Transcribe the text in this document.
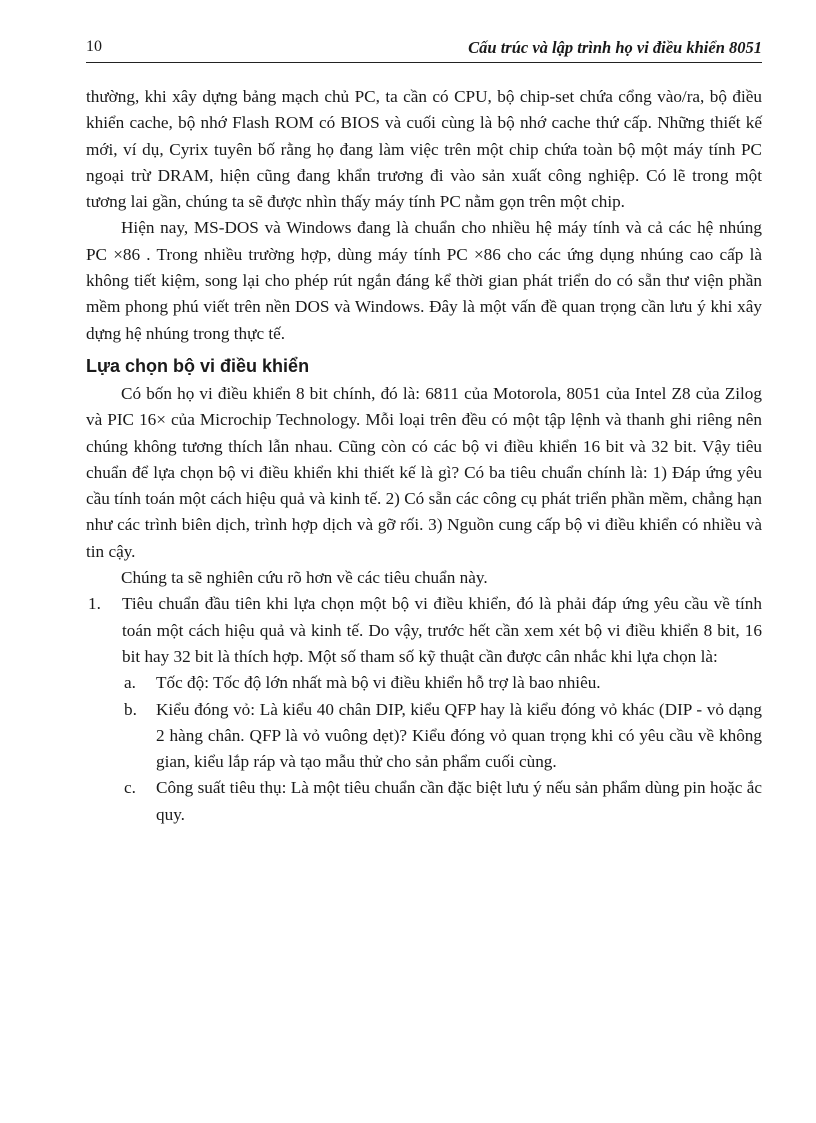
10	Cấu trúc và lập trình họ vi điều khiển 8051

thường, khi xây dựng bảng mạch chủ PC, ta cần có CPU, bộ chip-set chứa cổng vào/ra, bộ điều khiển cache, bộ nhớ Flash ROM có BIOS và cuối cùng là bộ nhớ cache thứ cấp. Những thiết kế mới, ví dụ, Cyrix tuyên bố rằng họ đang làm việc trên một chip chứa toàn bộ một máy tính PC ngoại trừ DRAM, hiện cũng đang khẩn trương đi vào sản xuất công nghiệp. Có lẽ trong một tương lai gần, chúng ta sẽ được nhìn thấy máy tính PC nằm gọn trên một chip.

Hiện nay, MS-DOS và Windows đang là chuẩn cho nhiều hệ máy tính và cả các hệ nhúng PC ×86 . Trong nhiều trường hợp, dùng máy tính PC ×86 cho các ứng dụng nhúng cao cấp là không tiết kiệm, song lại cho phép rút ngắn đáng kể thời gian phát triển do có sẵn thư viện phần mềm phong phú viết trên nền DOS và Windows. Đây là một vấn đề quan trọng cần lưu ý khi xây dựng hệ nhúng trong thực tế.

Lựa chọn bộ vi điều khiển

Có bốn họ vi điều khiển 8 bit chính, đó là: 6811 của Motorola, 8051 của Intel Z8 của Zilog và PIC 16× của Microchip Technology. Mỗi loại trên đều có một tập lệnh và thanh ghi riêng nên chúng không tương thích lẫn nhau. Cũng còn có các bộ vi điều khiển 16 bit và 32 bit. Vậy tiêu chuẩn để lựa chọn bộ vi điều khiển khi thiết kế là gì? Có ba tiêu chuẩn chính là: 1) Đáp ứng yêu cầu tính toán một cách hiệu quả và kinh tế. 2) Có sẵn các công cụ phát triển phần mềm, chẳng hạn như các trình biên dịch, trình hợp dịch và gỡ rối. 3) Nguồn cung cấp bộ vi điều khiển có nhiều và tin cậy.

Chúng ta sẽ nghiên cứu rõ hơn về các tiêu chuẩn này.

1. Tiêu chuẩn đầu tiên khi lựa chọn một bộ vi điều khiển, đó là phải đáp ứng yêu cầu về tính toán một cách hiệu quả và kinh tế. Do vậy, trước hết cần xem xét bộ vi điều khiển 8 bit, 16 bit hay 32 bit là thích hợp. Một số tham số kỹ thuật cần được cân nhắc khi lựa chọn là:

a. Tốc độ: Tốc độ lớn nhất mà bộ vi điều khiển hỗ trợ là bao nhiêu.

b. Kiểu đóng vỏ: Là kiểu 40 chân DIP, kiểu QFP hay là kiểu đóng vỏ khác (DIP - vỏ dạng 2 hàng chân. QFP là vỏ vuông dẹt)? Kiểu đóng vỏ quan trọng khi có yêu cầu về không gian, kiểu lắp ráp và tạo mẫu thử cho sản phẩm cuối cùng.

c. Công suất tiêu thụ: Là một tiêu chuẩn cần đặc biệt lưu ý nếu sản phẩm dùng pin hoặc ắc quy.
